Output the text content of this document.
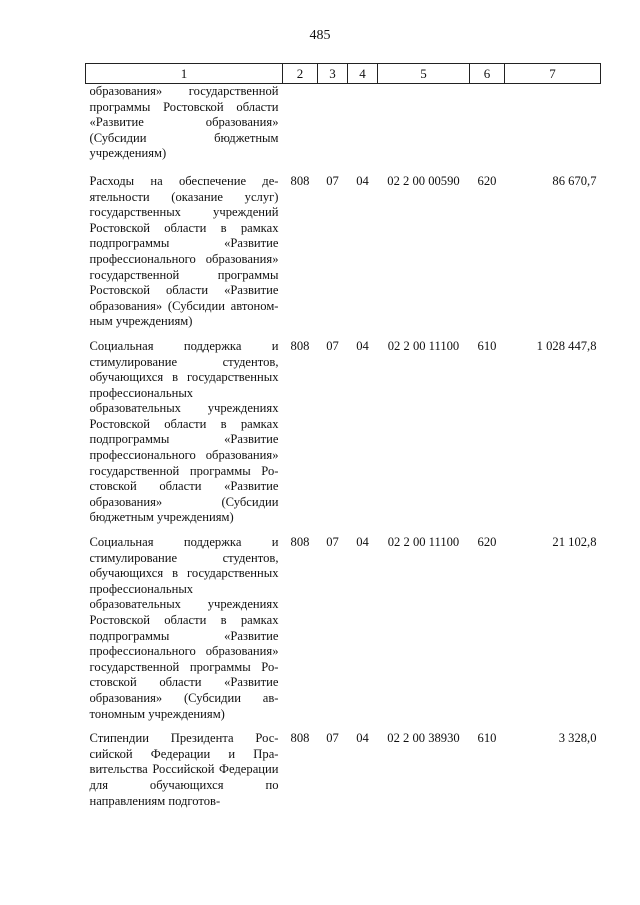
485
1	2	3	4	5	6	7
образования» государственной программы Ростовской области «Развитие образования» (Субсидии бюджетным учреждениям)						
Расходы на обеспечение деятельности (оказание услуг) государственных учреждений Ростовской области в рамках подпрограммы «Развитие профессионального образования» государственной программы Ростовской области «Развитие образования» (Субсидии автономным учреждениям)	808	07	04	02 2 00 00590	620	86 670,7
Социальная поддержка и стимулирование студентов, обучающихся в государственных профессиональных образовательных учреждениях Ростовской области в рамках подпрограммы «Развитие профессионального образования» государственной программы Ростовской области «Развитие образования» (Субсидии бюджетным учреждениям)	808	07	04	02 2 00 11100	610	1 028 447,8
Социальная поддержка и стимулирование студентов, обучающихся в государственных профессиональных образовательных учреждениях Ростовской области в рамках подпрограммы «Развитие профессионального образования» государственной программы Ростовской области «Развитие образования» (Субсидии автономным учреждениям)	808	07	04	02 2 00 11100	620	21 102,8
Стипендии Президента Российской Федерации и Правительства Российской Федерации для обучающихся по направлениям подготов-	808	07	04	02 2 00 38930	610	3 328,0
